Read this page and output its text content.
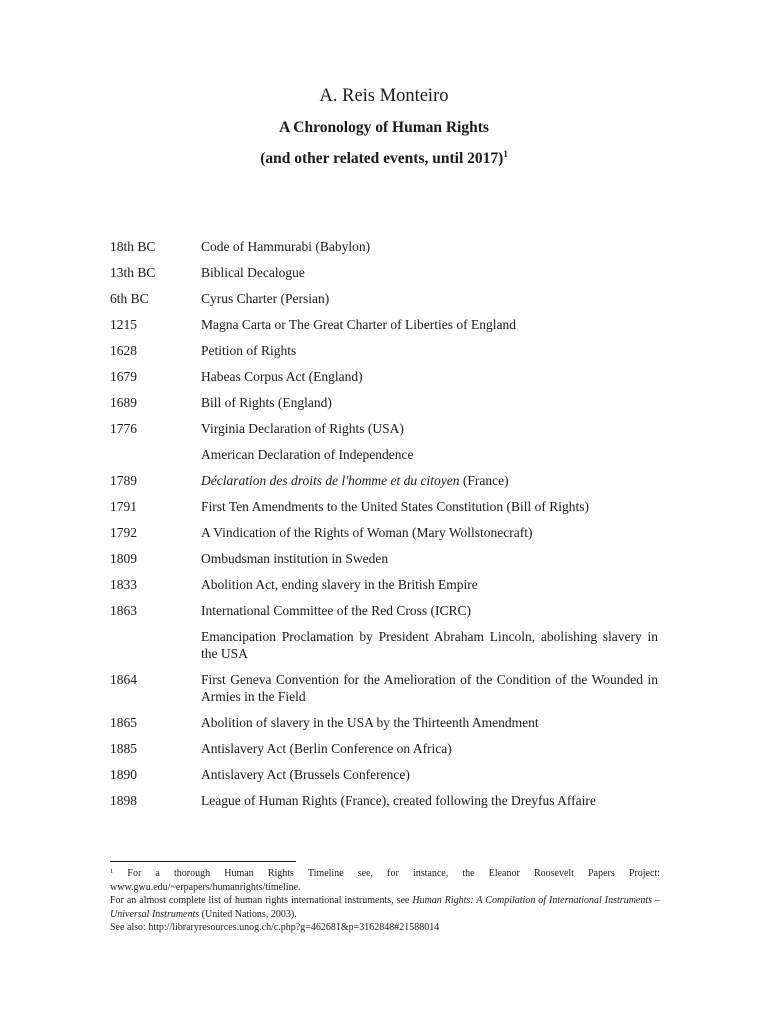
A. Reis Monteiro
A Chronology of Human Rights
(and other related events, until 2017)$^1$
18th BC	Code of Hammurabi (Babylon)
13th BC	Biblical Decalogue
6th BC	Cyrus Charter (Persian)
1215	Magna Carta or The Great Charter of Liberties of England
1628	Petition of Rights
1679	Habeas Corpus Act (England)
1689	Bill of Rights (England)
1776	Virginia Declaration of Rights (USA)
American Declaration of Independence
1789	Déclaration des droits de l'homme et du citoyen (France)
1791	First Ten Amendments to the United States Constitution (Bill of Rights)
1792	A Vindication of the Rights of Woman (Mary Wollstonecraft)
1809	Ombudsman institution in Sweden
1833	Abolition Act, ending slavery in the British Empire
1863	International Committee of the Red Cross (ICRC)
Emancipation Proclamation by President Abraham Lincoln, abolishing slavery in the USA
1864	First Geneva Convention for the Amelioration of the Condition of the Wounded in Armies in the Field
1865	Abolition of slavery in the USA by the Thirteenth Amendment
1885	Antislavery Act (Berlin Conference on Africa)
1890	Antislavery Act (Brussels Conference)
1898	League of Human Rights (France), created following the Dreyfus Affaire

$^1$ For a thorough Human Rights Timeline see, for instance, the Eleanor Roosevelt Papers Project: www.gwu.edu/~erpapers/humanrights/timeline.

For an almost complete list of human rights international instruments, see Human Rights: A Compilation of International Instruments – Universal Instruments (United Nations, 2003).

See also: http://libraryresources.unog.ch/c.php?g=462681&p=3162848#21588014
